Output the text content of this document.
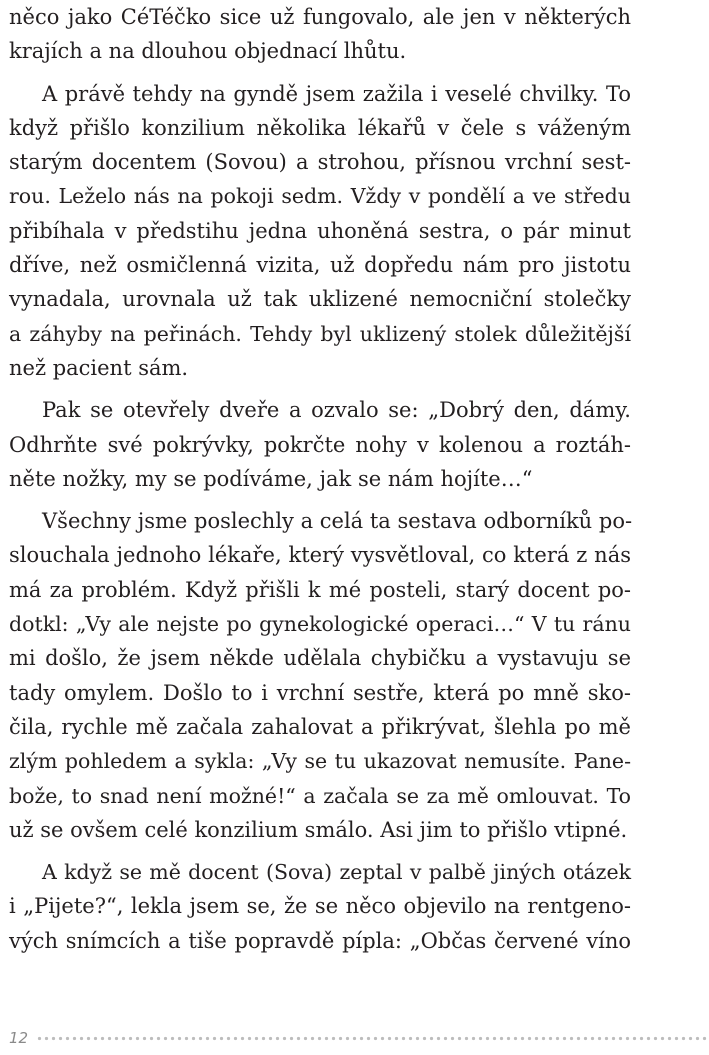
něco jako CéTéčko sice už fungovalo, ale jen v některých
krajích a na dlouhou objednací lhůtu.
A právě tehdy na gyndě jsem zažila i veselé chvilky. To
když přišlo konzilium několika lékařů v čele s váženým
starým docentem (Sovou) a strohou, přísnou vrchní sest-
rou. Leželo nás na pokoji sedm. Vždy v pondělí a ve středu
přibíhala v předstihu jedna uhoněná sestra, o pár minut
dříve, než osmičlenná vizita, už dopředu nám pro jistotu
vynadala, urovnala už tak uklizené nemocniční stolečky
a záhyby na peřinách. Tehdy byl uklizený stolek důležitější
než pacient sám.
Pak se otevřely dveře a ozvalo se: „Dobrý den, dámy.
Odhrňte své pokrývky, pokrčte nohy v kolenou a roztáh-
něte nožky, my se podíváme, jak se nám hojíte…“
Všechny jsme poslechly a celá ta sestava odborníků po-
slouchala jednoho lékaře, který vysvětloval, co která z nás
má za problém. Když přišli k mé posteli, starý docent po-
dotkl: „Vy ale nejste po gynekologické operaci…“ V tu ránu
mi došlo, že jsem někde udělala chybičku a vystavuju se
tady omylem. Došlo to i vrchní sestře, která po mně sko-
čila, rychle mě začala zahalovat a přikrývat, šlehla po mě
zlým pohledem a sykla: „Vy se tu ukazovat nemusíte. Pane-
bože, to snad není možné!“ a začala se za mě omlouvat. To
už se ovšem celé konzilium smálo. Asi jim to přišlo vtipné.
A když se mě docent (Sova) zeptal v palbě jiných otázek
i „Pijete?“, lekla jsem se, že se něco objevilo na rentgeno-
vých snímcích a tiše popravdě pípla: „Občas červené víno
12
